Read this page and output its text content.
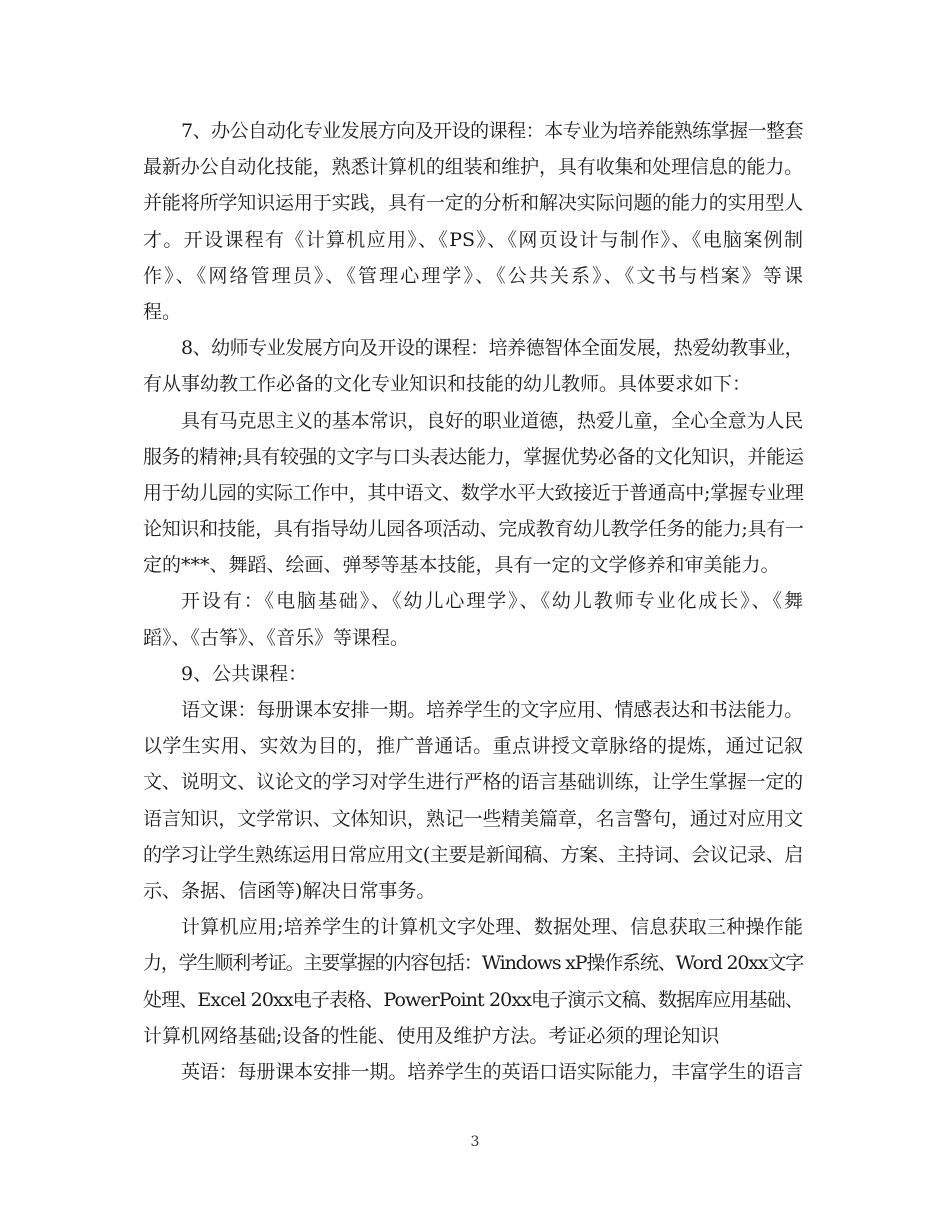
7、办公自动化专业发展方向及开设的课程：本专业为培养能熟练掌握一整套
最新办公自动化技能，熟悉计算机的组装和维护，具有收集和处理信息的能力。
并能将所学知识运用于实践，具有一定的分析和解决实际问题的能力的实用型人
才。开设课程有《计算机应用》、《PS》、《网页设计与制作》、《电脑案例制
作》、《网络管理员》、《管理心理学》、《公共关系》、《文书与档案》等课
程。
8、幼师专业发展方向及开设的课程：培养德智体全面发展，热爱幼教事业，
有从事幼教工作必备的文化专业知识和技能的幼儿教师。具体要求如下：
具有马克思主义的基本常识，良好的职业道德，热爱儿童，全心全意为人民
服务的精神;具有较强的文字与口头表达能力，掌握优势必备的文化知识，并能运
用于幼儿园的实际工作中，其中语文、数学水平大致接近于普通高中;掌握专业理
论知识和技能，具有指导幼儿园各项活动、完成教育幼儿教学任务的能力;具有一
定的***、舞蹈、绘画、弹琴等基本技能，具有一定的文学修养和审美能力。
开设有：《电脑基础》、《幼儿心理学》、《幼儿教师专业化成长》、《舞
蹈》、《古筝》、《音乐》等课程。
9、公共课程：
语文课：每册课本安排一期。培养学生的文字应用、情感表达和书法能力。
以学生实用、实效为目的，推广普通话。重点讲授文章脉络的提炼，通过记叙
文、说明文、议论文的学习对学生进行严格的语言基础训练，让学生掌握一定的
语言知识，文学常识、文体知识，熟记一些精美篇章，名言警句，通过对应用文
的学习让学生熟练运用日常应用文(主要是新闻稿、方案、主持词、会议记录、启
示、条据、信函等)解决日常事务。
计算机应用;培养学生的计算机文字处理、数据处理、信息获取三种操作能
力，学生顺利考证。主要掌握的内容包括：Windows xP操作系统、Word 20xx文字
处理、Excel 20xx电子表格、PowerPoint 20xx电子演示文稿、数据库应用基础、
计算机网络基础;设备的性能、使用及维护方法。考证必须的理论知识
英语：每册课本安排一期。培养学生的英语口语实际能力，丰富学生的语言
3
